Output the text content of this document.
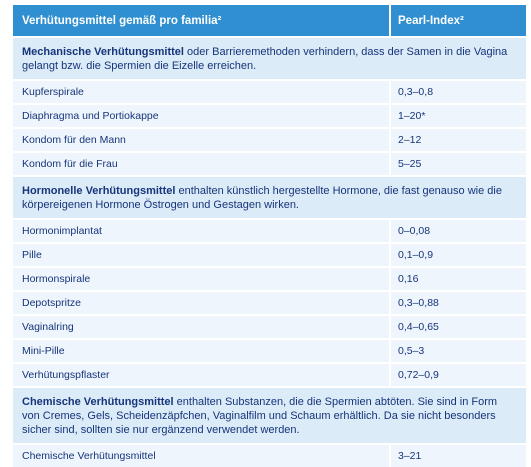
Verhütungsmittel gemäß pro familia²	Pearl-Index²
Mechanische Verhütungsmittel oder Barrieremethoden verhindern, dass der Samen in die Vagina gelangt bzw. die Spermien die Eizelle erreichen.
Kupferspirale	0,3–0,8
Diaphragma und Portiokappe	1–20*
Kondom für den Mann	2–12
Kondom für die Frau	5–25
Hormonelle Verhütungsmittel enthalten künstlich hergestellte Hormone, die fast genauso wie die körpereigenen Hormone Östrogen und Gestagen wirken.
Hormonimplantat	0–0,08
Pille	0,1–0,9
Hormonspirale	0,16
Depotspritze	0,3–0,88
Vaginalring	0,4–0,65
Mini-Pille	0,5–3
Verhütungspflaster	0,72–0,9
Chemische Verhütungsmittel enthalten Substanzen, die die Spermien abtöten. Sie sind in Form von Cremes, Gels, Scheidenzäpfchen, Vaginalfilm und Schaum erhältlich. Da sie nicht besonders sicher sind, sollten sie nur ergänzend verwendet werden.
Chemische Verhütungsmittel	3–21
